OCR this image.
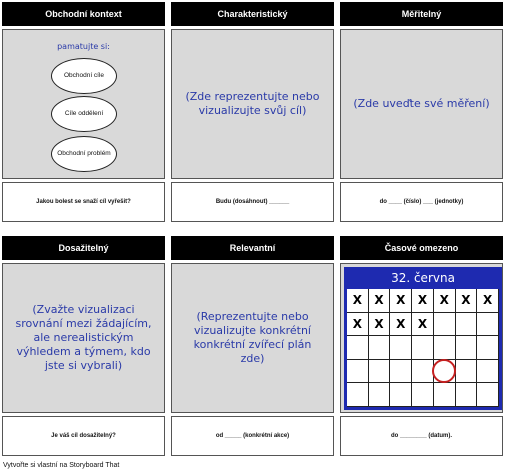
Obchodní kontext
pamatujte si:
Obchodní cíle
Cíle oddělení
Obchodní problém
Jakou bolest se snaží cíl vyřešit?
Charakteristický
(Zde reprezentujte nebo vizualizujte svůj cíl)
Budu (dosáhnout) ______
Měřitelný
(Zde uveďte své měření)
do ____ (číslo) ___ (jednotky)
Dosažitelný
(Zvažte vizualizaci srovnání mezi žádajícím, ale nerealistickým výhledem a týmem, kdo jste si vybrali)
Je váš cíl dosažitelný?
Relevantní
(Reprezentujte nebo vizualizujte konkrétní konkrétní zvířecí plán zde)
od _____ (konkrétní akce)
Časové omezeno
32. června
X	X	X	X	X	X	X
X	X	X	X
do ________ (datum).
Vytvořte si vlastní na Storyboard That
